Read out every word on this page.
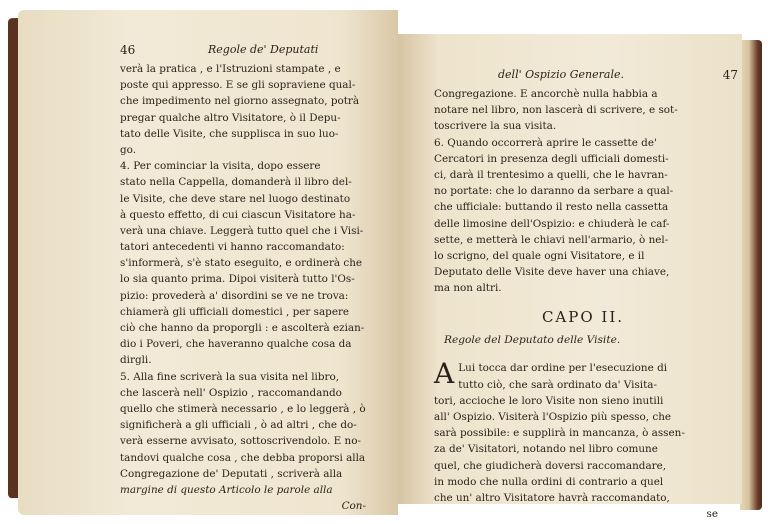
46	Regole de' Deputati
verà la pratica , e l'Istruzioni stampate , e
poste qui appresso. E se gli sopraviene qual-
che impedimento nel giorno assegnato, potrà
pregar qualche altro Visitatore, ò il Depu-
tato delle Visite, che supplisca in suo luo-
go.
4. Per cominciar la visita, dopo essere
stato nella Cappella, domanderà il libro del-
le Visite, che deve stare nel luogo destinato
à questo effetto, di cui ciascun Visitatore ha-
verà una chiave. Leggerà tutto quel che i Visi-
tatori antecedenti vi hanno raccomandato:
s'informerà, s'è stato eseguito, e ordinerà che
lo sia quanto prima. Dipoi visiterà tutto l'Os-
pizio: provederà a' disordini se ve ne trova:
chiamerà gli ufficiali domestici , per sapere
ciò che hanno da proporgli : e ascolterà ezian-
dio i Poveri, che haveranno qualche cosa da
dirgli.
5. Alla fine scriverà la sua visita nel libro,
che lascerà nell' Ospizio , raccomandando
quello che stimerà necessario , e lo leggerà , ò
significherà a gli ufficiali , ò ad altri , che do-
verà esserne avvisato, sottoscrivendolo. E no-
tandovi qualche cosa , che debba proporsi alla
Congregazione de' Deputati , scriverà alla
margine di questo Articolo le parole alla
Con-
dell' Ospizio Generale.	47
Congregazione. E ancorchè nulla habbia a
notare nel libro, non lascerà di scrivere, e sot-
toscrivere la sua visita.
6. Quando occorrerà aprire le cassette de'
Cercatori in presenza degli ufficiali domesti-
ci, darà il trentesimo a quelli, che le havran-
no portate: che lo daranno da serbare a qual-
che ufficiale: buttando il resto nella cassetta
delle limosine dell'Ospizio: e chiuderà le caf-
sette, e metterà le chiavi nell'armario, ò nel-
lo scrigno, del quale ogni Visitatore, e il
Deputato delle Visite deve haver una chiave,
ma non altri.
CAPO II.
Regole del Deputato delle Visite.
A Lui tocca dar ordine per l'esecuzione di
tutto ciò, che sarà ordinato da' Visita-
tori, accioche le loro Visite non sieno inutili
all' Ospizio. Visiterà l'Ospizio più spesso, che
sarà possibile: e supplirà in mancanza, ò assen-
za de' Visitatori, notando nel libro comune
quel, che giudicherà doversi raccomandare,
in modo che nulla ordini di contrario a quel
che un' altro Visitatore havrà raccomandato,
se
